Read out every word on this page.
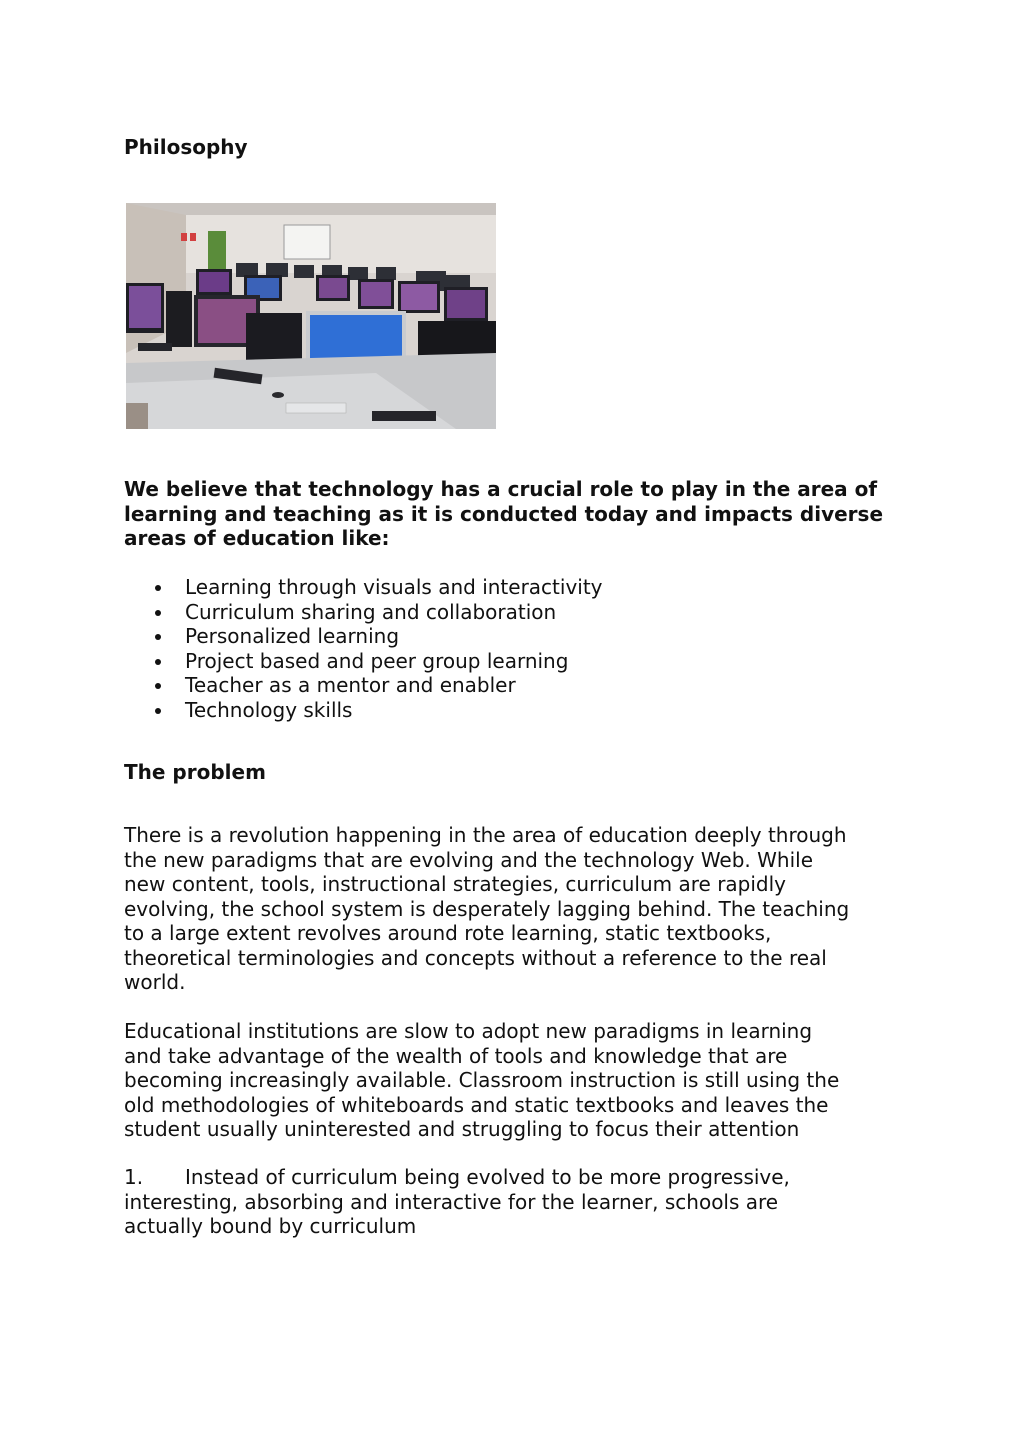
Philosophy
We believe that technology has a crucial role to play in the area of
learning and teaching as it is conducted today and impacts diverse
areas of education like:
Learning through visuals and interactivity
Curriculum sharing and collaboration
Personalized learning
Project based and peer group learning
Teacher as a mentor and enabler
Technology skills
The problem
There is a revolution happening in the area of education deeply through
the new paradigms that are evolving and the technology Web. While
new content, tools, instructional strategies, curriculum are rapidly
evolving, the school system is desperately lagging behind. The teaching
to a large extent revolves around rote learning, static textbooks,
theoretical terminologies and concepts without a reference to the real
world.
Educational institutions are slow to adopt new paradigms in learning
and take advantage of the wealth of tools and knowledge that are
becoming increasingly available. Classroom instruction is still using the
old methodologies of whiteboards and static textbooks and leaves the
student usually uninterested and struggling to focus their attention
1. Instead of curriculum being evolved to be more progressive,
interesting, absorbing and interactive for the learner, schools are
actually bound by curriculum
